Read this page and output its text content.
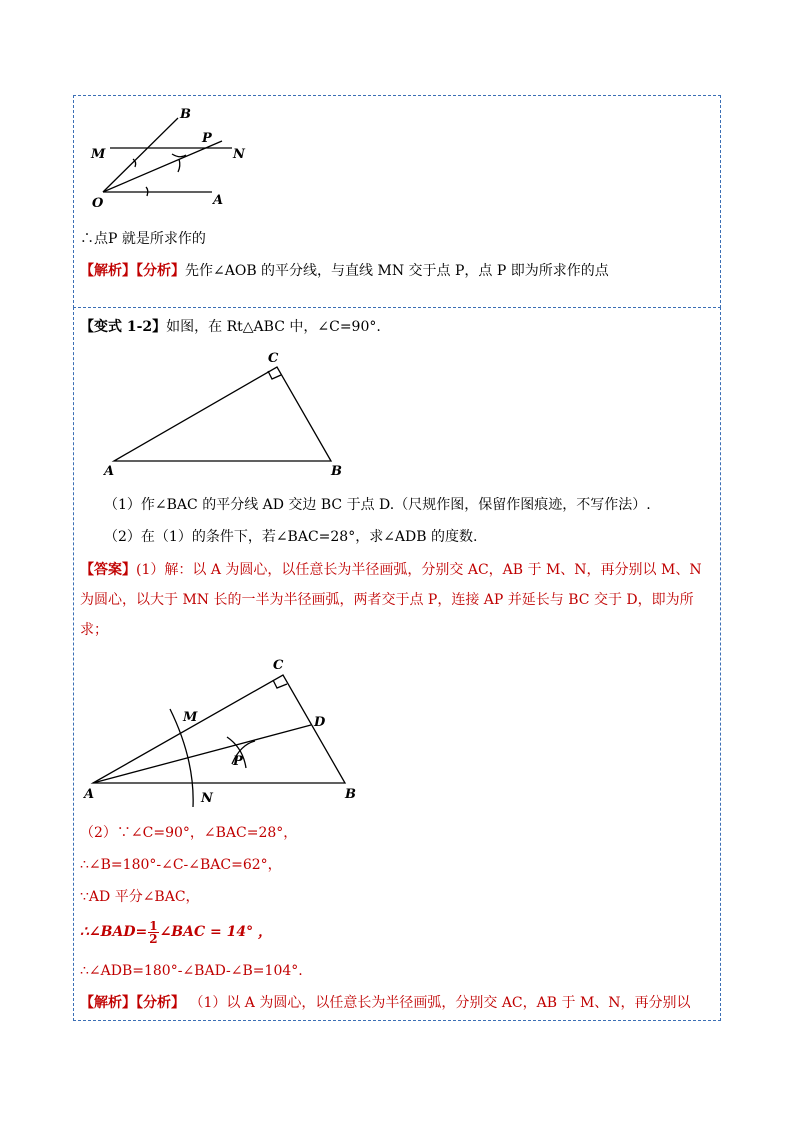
B
P
M	N
O	A
∴点P 就是所求作的
【解析】【分析】先作∠AOB 的平分线，与直线 MN 交于点 P，点 P 即为所求作的点
【变式 1-2】如图，在 Rt△ABC 中，∠C=90°.
C
A	B
（1）作∠BAC 的平分线 AD 交边 BC 于点 D.（尺规作图，保留作图痕迹，不写作法）.
（2）在（1）的条件下，若∠BAC=28°，求∠ADB 的度数.
【答案】(1）解：以 A 为圆心，以任意长为半径画弧，分别交 AC，AB 于 M、N，再分别以 M、N 为圆心，以大于 MN 长的一半为半径画弧，两者交于点 P，连接 AP 并延长与 BC 交于 D，即为所求；
C
M	D
P
A	N	B
（2）∵∠C=90°，∠BAC=28°，
∴∠B=180°-∠C-∠BAC=62°，
∵AD 平分∠BAC，
∴∠BAD= $\frac{1}{2}$ ∠BAC = 14° ，
∴∠ADB=180°-∠BAD-∠B=104°.
【解析】【分析】 （1）以 A 为圆心，以任意长为半径画弧，分别交 AC，AB 于 M、N，再分别以
